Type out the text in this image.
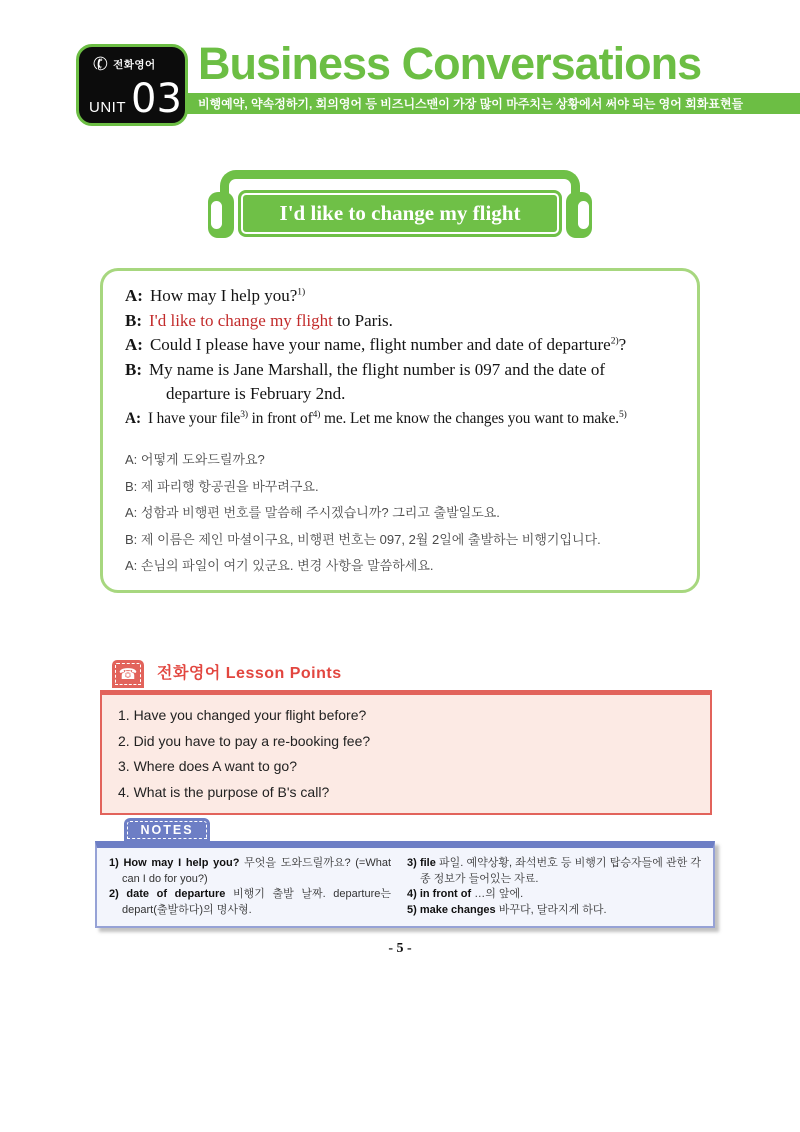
✆ 전화영어
UNIT 03
Business Conversations
비행예약, 약속정하기, 회의영어 등 비즈니스맨이 가장 많이 마주치는 상황에서 써야 되는 영어 회화표현들
I'd like to change my flight

A: How may I help you?$^{1)}$

B: I'd like to change my flight to Paris.

A: Could I please have your name, flight number and date of departure$^{2)}$?

B: My name is Jane Marshall, the flight number is 097 and the date of departure is February 2nd.

A: I have your file$^{3)}$ in front $of^{4)}$ me. Let me know the changes you want to make.$^{5)}$

A: 어떻게 도와드릴까요?

B: 제 파리행 항공권을 바꾸려구요.

A: 성함과 비행편 번호를 말씀해 주시겠습니까? 그리고 출발일도요.

B: 제 이름은 제인 마셜이구요, 비행편 번호는 097, 2월 2일에 출발하는 비행기입니다.

A: 손님의 파일이 여기 있군요. 변경 사항을 말씀하세요.

☎	전화영어 Lesson Points

1. Have you changed your flight before?

2. Did you have to pay a re-booking fee?

3. Where does A want to go?

4. What is the purpose of B's call?

NOTES

1) How may I help you? 무엇을 도와드릴까요? (=What can I do for you?)

2) date of departure 비행기 출발 날짜. departure는 depart(출발하다)의 명사형.

3) file 파일. 예약상황, 좌석번호 등 비행기 탑승자들에 관한 각종 정보가 들어있는 자료.

4) in front of …의 앞에.

5) make changes 바꾸다, 달라지게 하다.

- 5 -
